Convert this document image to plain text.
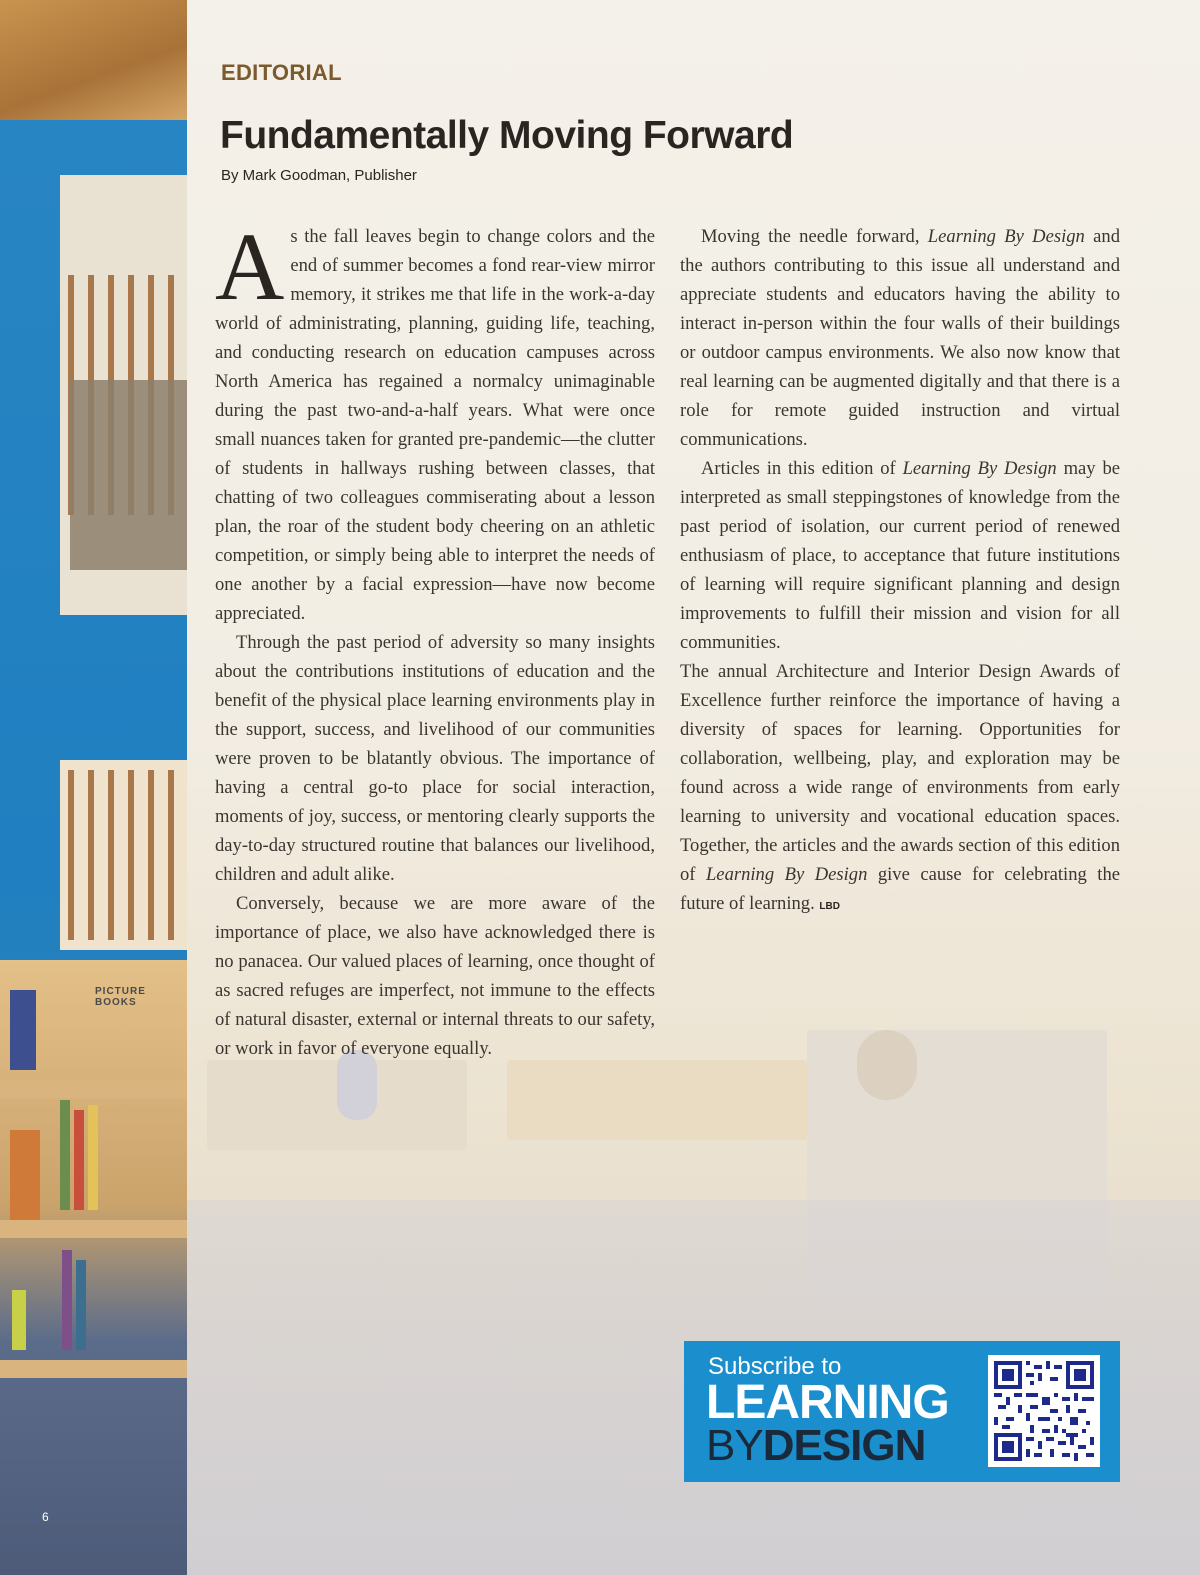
PICTURE BOOKS
6
EDITORIAL
Fundamentally Moving Forward
By Mark Goodman, Publisher

As the fall leaves begin to change colors and the end of summer becomes a fond rear-view mirror memory, it strikes me that life in the work-a-day world of administrating, planning, guiding life, teaching, and conducting research on education campuses across North America has regained a normalcy unimaginable during the past two-and-a-half years. What were once small nuances taken for granted pre-pandemic—the clutter of students in hallways rushing between classes, that chatting of two colleagues commiserating about a lesson plan, the roar of the student body cheering on an athletic competition, or simply being able to interpret the needs of one another by a facial expression—have now become appreciated.

Through the past period of adversity so many insights about the contributions institutions of education and the benefit of the physical place learning environments play in the support, success, and livelihood of our communities were proven to be blatantly obvious. The importance of having a central go-to place for social interaction, moments of joy, success, or mentoring clearly supports the day-to-day structured routine that balances our livelihood, children and adult alike.

Conversely, because we are more aware of the importance of place, we also have acknowledged there is no panacea. Our valued places of learning, once thought of as sacred refuges are imperfect, not immune to the effects of natural disaster, external or internal threats to our safety, or work in favor of everyone equally.

Moving the needle forward, Learning By Design and the authors contributing to this issue all understand and appreciate students and educators having the ability to interact in-person within the four walls of their buildings or outdoor campus environments. We also now know that real learning can be augmented digitally and that there is a role for remote guided instruction and virtual communications.

Articles in this edition of Learning By Design may be interpreted as small steppingstones of knowledge from the past period of isolation, our current period of renewed enthusiasm of place, to acceptance that future institutions of learning will require significant planning and design improvements to fulfill their mission and vision for all communities.

The annual Architecture and Interior Design Awards of Excellence further reinforce the importance of having a diversity of spaces for learning. Opportunities for collaboration, wellbeing, play, and exploration may be found across a wide range of environments from early learning to university and vocational education spaces. Together, the articles and the awards section of this edition of Learning By Design give cause for celebrating the future of learning. LBD

Subscribe to
LEARNING
BYDESIGN
